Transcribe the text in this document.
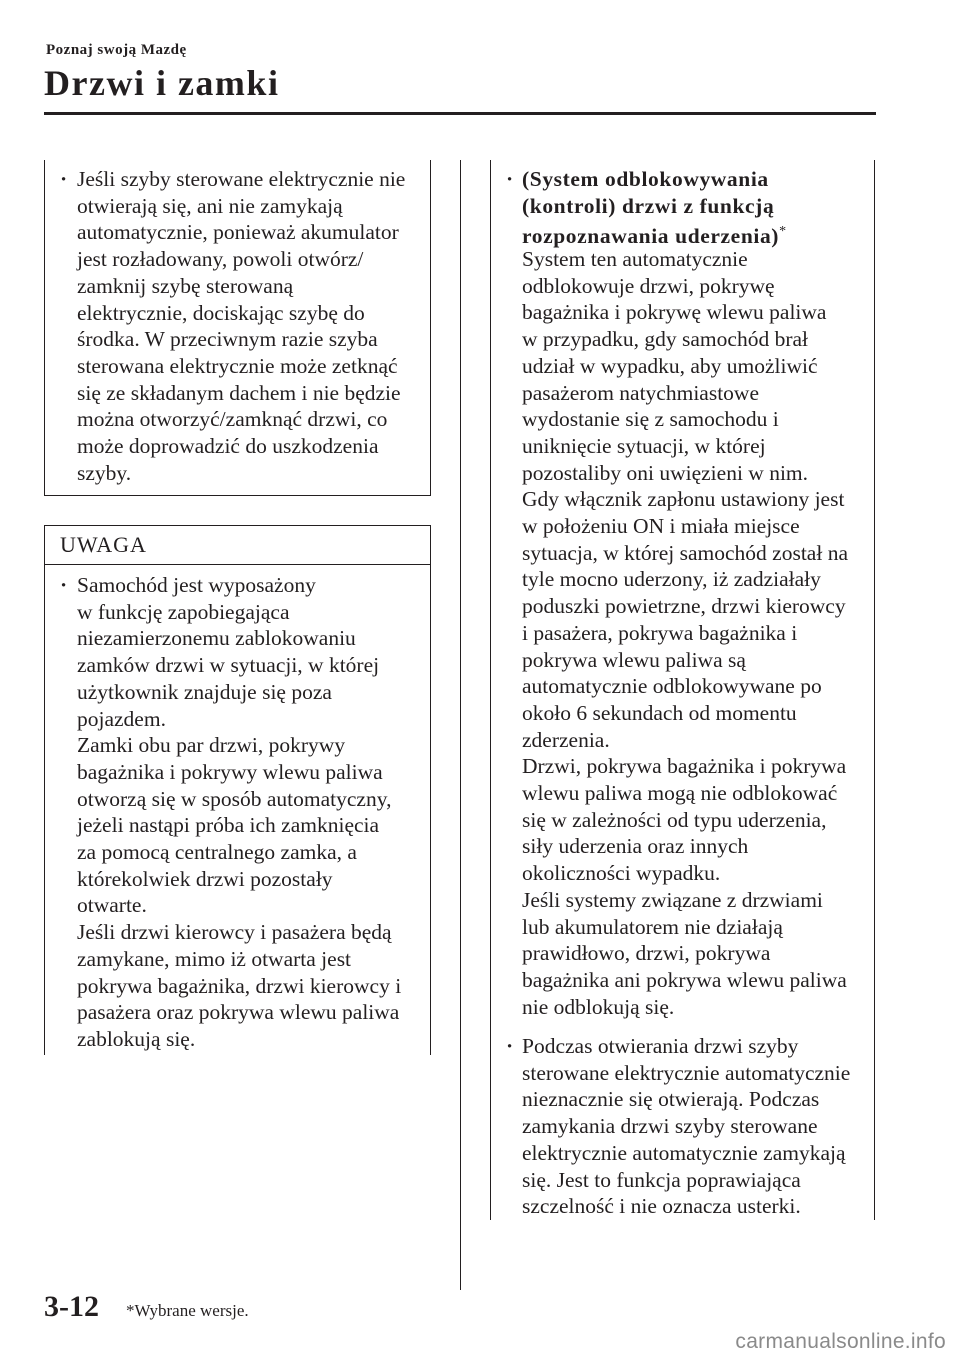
Poznaj swoją Mazdę
Drzwi i zamki
· Jeśli szyby sterowane elektrycznie nie
otwierają się, ani nie zamykają
automatycznie, ponieważ akumulator
jest rozładowany, powoli otwórz/
zamknij szybę sterowaną
elektrycznie, dociskając szybę do
środka. W przeciwnym razie szyba
sterowana elektrycznie może zetknąć
się ze składanym dachem i nie będzie
można otworzyć/zamknąć drzwi, co
może doprowadzić do uszkodzenia
szyby.
UWAGA
· Samochód jest wyposażony
w funkcję zapobiegająca
niezamierzonemu zablokowaniu
zamków drzwi w sytuacji, w której
użytkownik znajduje się poza
pojazdem.
Zamki obu par drzwi, pokrywy
bagażnika i pokrywy wlewu paliwa
otworzą się w sposób automatyczny,
jeżeli nastąpi próba ich zamknięcia
za pomocą centralnego zamka, a
którekolwiek drzwi pozostały
otwarte.
Jeśli drzwi kierowcy i pasażera będą
zamykane, mimo iż otwarta jest
pokrywa bagażnika, drzwi kierowcy i
pasażera oraz pokrywa wlewu paliwa
zablokują się.
· (System odblokowywania
(kontroli) drzwi z funkcją
rozpoznawania uderzenia)*
System ten automatycznie
odblokowuje drzwi, pokrywę
bagażnika i pokrywę wlewu paliwa
w przypadku, gdy samochód brał
udział w wypadku, aby umożliwić
pasażerom natychmiastowe
wydostanie się z samochodu i
uniknięcie sytuacji, w której
pozostaliby oni uwięzieni w nim.
Gdy włącznik zapłonu ustawiony jest
w położeniu ON i miała miejsce
sytuacja, w której samochód został na
tyle mocno uderzony, iż zadziałały
poduszki powietrzne, drzwi kierowcy
i pasażera, pokrywa bagażnika i
pokrywa wlewu paliwa są
automatycznie odblokowywane po
około 6 sekundach od momentu
zderzenia.
Drzwi, pokrywa bagażnika i pokrywa
wlewu paliwa mogą nie odblokować
się w zależności od typu uderzenia,
siły uderzenia oraz innych
okoliczności wypadku.
Jeśli systemy związane z drzwiami
lub akumulatorem nie działają
prawidłowo, drzwi, pokrywa
bagażnika ani pokrywa wlewu paliwa
nie odblokują się.
· Podczas otwierania drzwi szyby
sterowane elektrycznie automatycznie
nieznacznie się otwierają. Podczas
zamykania drzwi szyby sterowane
elektrycznie automatycznie zamykają
się. Jest to funkcja poprawiająca
szczelność i nie oznacza usterki.
3-12 *Wybrane wersje.
carmanualsonline.info
